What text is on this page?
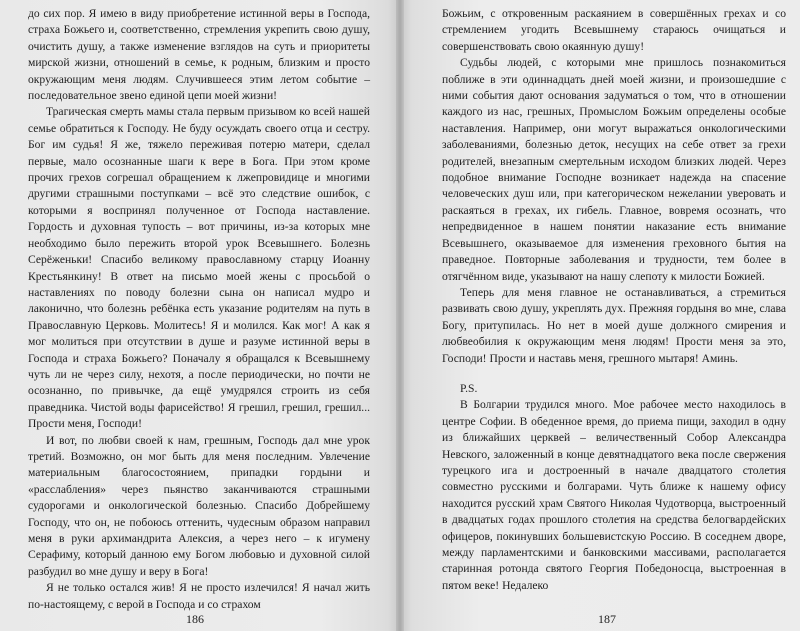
до сих пор. Я имею в виду приобретение истинной веры в Господа, страха Божьего и, соответственно, стремления укрепить свою душу, очистить душу, а также изменение взглядов на суть и приоритеты мирской жизни, отношений в семье, к родным, близким и просто окружающим меня людям. Случившееся этим летом событие – последовательное звено единой цепи моей жизни!

Трагическая смерть мамы стала первым призывом ко всей нашей семье обратиться к Господу. Не буду осуждать своего отца и сестру. Бог им судья! Я же, тяжело переживая потерю матери, сделал первые, мало осознанные шаги к вере в Бога. При этом кроме прочих грехов согрешал обращением к лжепровидице и многими другими страшными поступками – всё это следствие ошибок, с которыми я воспринял полученное от Господа наставление. Гордость и духовная тупость – вот причины, из-за которых мне необходимо было пережить второй урок Всевышнего. Болезнь Серёженьки! Спасибо великому православному старцу Иоанну Крестьянкину! В ответ на письмо моей жены с просьбой о наставлениях по поводу болезни сына он написал мудро и лаконично, что болезнь ребёнка есть указание родителям на путь в Православную Церковь. Молитесь! Я и молился. Как мог! А как я мог молиться при отсутствии в душе и разуме истинной веры в Господа и страха Божьего? Поначалу я обращался к Всевышнему чуть ли не через силу, нехотя, а после периодически, но почти не осознанно, по привычке, да ещё умудрялся строить из себя праведника. Чистой воды фарисейство! Я грешил, грешил, грешил... Прости меня, Господи!

И вот, по любви своей к нам, грешным, Господь дал мне урок третий. Возможно, он мог быть для меня последним. Увлечение материальным благосостоянием, припадки гордыни и «расслабления» через пьянство заканчиваются страшными судорогами и онкологической болезнью. Спасибо Добрейшему Господу, что он, не побоюсь оттенить, чудесным образом направил меня в руки архимандрита Алексия, а через него – к игумену Серафиму, который данною ему Богом любовью и духовной силой разбудил во мне душу и веру в Бога!

Я не только остался жив! Я не просто излечился! Я начал жить по-настоящему, с верой в Господа и со страхом

186

Божьим, с откровенным раскаянием в совершённых грехах и со стремлением угодить Всевышнему стараюсь очищаться и совершенствовать свою окаянную душу!

Судьбы людей, с которыми мне пришлось познакомиться поближе в эти одиннадцать дней моей жизни, и произошедшие с ними события дают основания задуматься о том, что в отношении каждого из нас, грешных, Промыслом Божьим определены особые наставления. Например, они могут выражаться онкологическими заболеваниями, болезнью деток, несущих на себе ответ за грехи родителей, внезапным смертельным исходом близких людей. Через подобное внимание Господне возникает надежда на спасение человеческих душ или, при категорическом нежелании уверовать и раскаяться в грехах, их гибель. Главное, вовремя осознать, что непредвиденное в нашем понятии наказание есть внимание Всевышнего, оказываемое для изменения греховного бытия на праведное. Повторные заболевания и трудности, тем более в отягчённом виде, указывают на нашу слепоту к милости Божией.

Теперь для меня главное не останавливаться, а стремиться развивать свою душу, укреплять дух. Прежняя гордыня во мне, слава Богу, притупилась. Но нет в моей душе должного смирения и любвеобилия к окружающим меня людям! Прости меня за это, Господи! Прости и наставь меня, грешного мытаря! Аминь.

P.S.

В Болгарии трудился много. Мое рабочее место находилось в центре Софии. В обеденное время, до приема пищи, заходил в одну из ближайших церквей – величественный Собор Александра Невского, заложенный в конце девятнадцатого века после свержения турецкого ига и достроенный в начале двадцатого столетия совместно русскими и болгарами. Чуть ближе к нашему офису находится русский храм Святого Николая Чудотворца, выстроенный в двадцатых годах прошлого столетия на средства белогвардейских офицеров, покинувших большевистскую Россию. В соседнем дворе, между парламентскими и банковскими массивами, располагается старинная ротонда святого Георгия Победоносца, выстроенная в пятом веке! Недалеко

187
